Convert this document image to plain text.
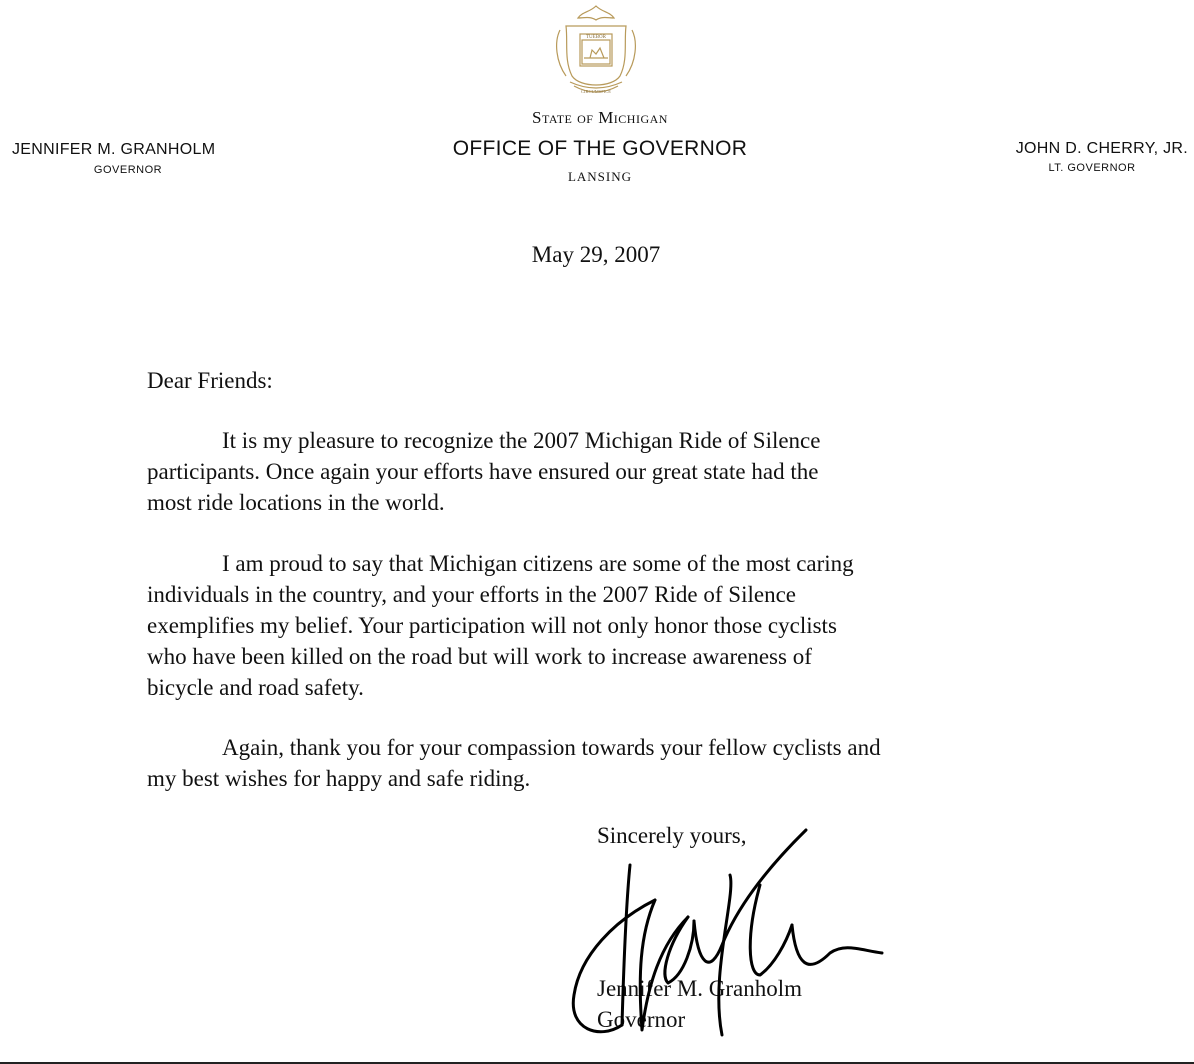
TUEBOR
CIRCUMSPICE
State of Michigan
OFFICE OF THE GOVERNOR
LANSING
JENNIFER M. GRANHOLM
GOVERNOR
JOHN D. CHERRY, JR.
LT. GOVERNOR
May 29, 2007
Dear Friends:
It is my pleasure to recognize the 2007 Michigan Ride of Silence
participants. Once again your efforts have ensured our great state had the
most ride locations in the world.
I am proud to say that Michigan citizens are some of the most caring
individuals in the country, and your efforts in the 2007 Ride of Silence
exemplifies my belief. Your participation will not only honor those cyclists
who have been killed on the road but will work to increase awareness of
bicycle and road safety.
Again, thank you for your compassion towards your fellow cyclists and
my best wishes for happy and safe riding.
Sincerely yours,
Jennifer M. Granholm
Governor
